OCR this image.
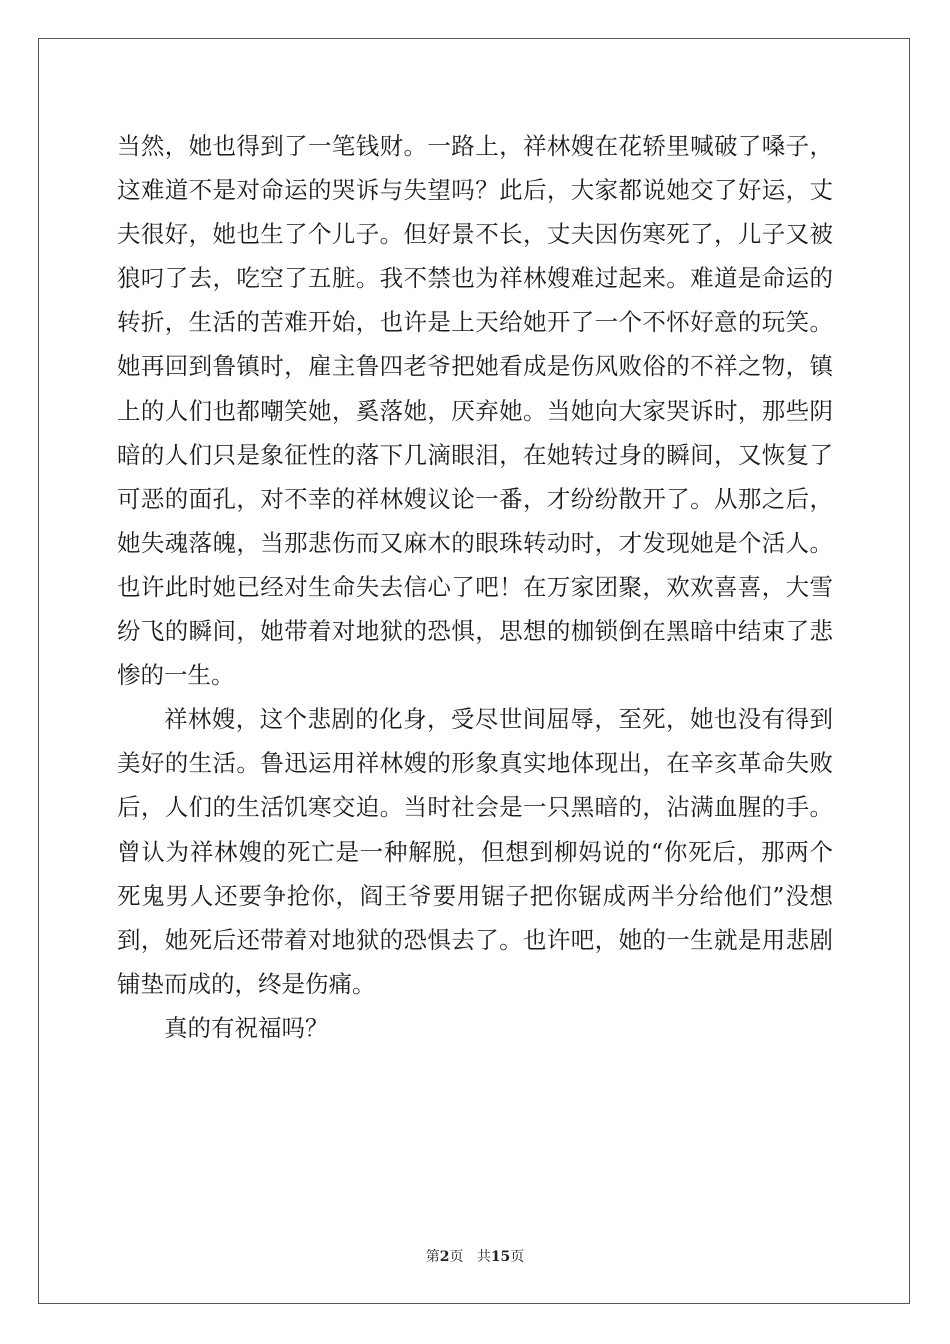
当然，她也得到了一笔钱财。一路上，祥林嫂在花轿里喊破了嗓子，
这难道不是对命运的哭诉与失望吗？此后，大家都说她交了好运，丈
夫很好，她也生了个儿子。但好景不长，丈夫因伤寒死了，儿子又被
狼叼了去，吃空了五脏。我不禁也为祥林嫂难过起来。难道是命运的
转折，生活的苦难开始，也许是上天给她开了一个不怀好意的玩笑。
她再回到鲁镇时，雇主鲁四老爷把她看成是伤风败俗的不祥之物，镇
上的人们也都嘲笑她，奚落她，厌弃她。当她向大家哭诉时，那些阴
暗的人们只是象征性的落下几滴眼泪，在她转过身的瞬间，又恢复了
可恶的面孔，对不幸的祥林嫂议论一番，才纷纷散开了。从那之后，
她失魂落魄，当那悲伤而又麻木的眼珠转动时，才发现她是个活人。
也许此时她已经对生命失去信心了吧！在万家团聚，欢欢喜喜，大雪
纷飞的瞬间，她带着对地狱的恐惧，思想的枷锁倒在黑暗中结束了悲
惨的一生。
祥林嫂，这个悲剧的化身，受尽世间屈辱，至死，她也没有得到
美好的生活。鲁迅运用祥林嫂的形象真实地体现出，在辛亥革命失败
后，人们的生活饥寒交迫。当时社会是一只黑暗的，沾满血腥的手。
曾认为祥林嫂的死亡是一种解脱，但想到柳妈说的“你死后，那两个
死鬼男人还要争抢你，阎王爷要用锯子把你锯成两半分给他们”没想
到，她死后还带着对地狱的恐惧去了。也许吧，她的一生就是用悲剧
铺垫而成的，终是伤痛。
真的有祝福吗？
第2页 共15页
